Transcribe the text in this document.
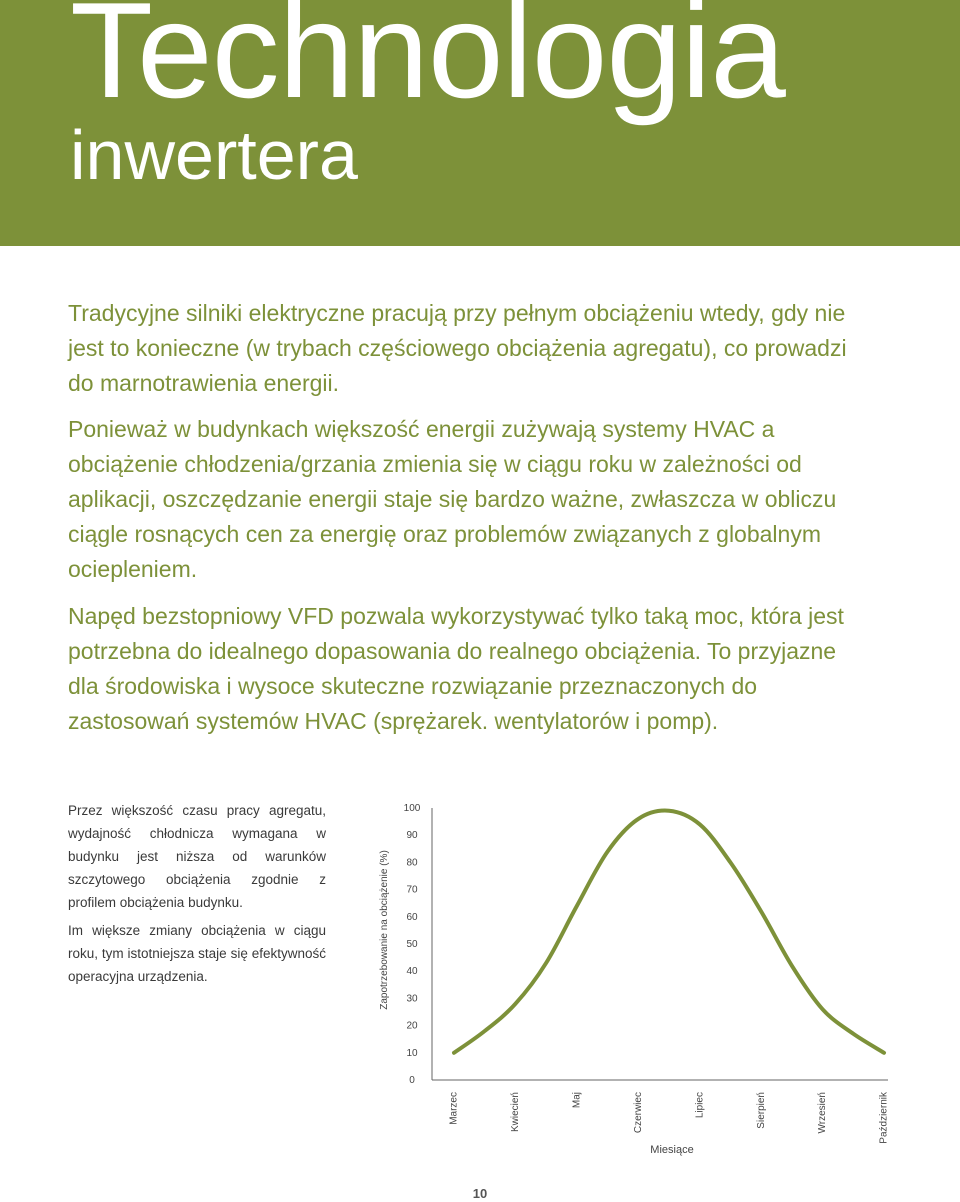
Technologia
inwertera

Tradycyjne silniki elektryczne pracują przy pełnym obciążeniu wtedy, gdy nie jest to konieczne (w trybach częściowego obciążenia agregatu), co prowadzi do marnotrawienia energii.

Ponieważ w budynkach większość energii zużywają systemy HVAC a obciążenie chłodzenia/grzania zmienia się w ciągu roku w zależności od aplikacji, oszczędzanie energii staje się bardzo ważne, zwłaszcza w obliczu ciągle rosnących cen za energię oraz problemów związanych z globalnym ociepleniem.

Napęd bezstopniowy VFD pozwala wykorzystywać tylko taką moc, która jest potrzebna do idealnego dopasowania do realnego obciążenia. To przyjazne dla środowiska i wysoce skuteczne rozwiązanie przeznaczonych do zastosowań systemów HVAC (sprężarek. wentylatorów i pomp).

Przez większość czasu pracy agregatu, wydajność chłodnicza wymagana w budynku jest niższa od warunków szczytowego obciążenia zgodnie z profilem obciążenia budynku.

Im większe zmiany obciążenia w ciągu roku, tym istotniejsza staje się efektywność operacyjna urządzenia.

0
10
20
30
40
50
60
70
80
90
100
Marzec	Kwiecień	Maj	Czerwiec	Lipiec	Sierpień	Wrzesień	Październik
Zapotrzebowanie na obciążenie (%)
Miesiące
10
